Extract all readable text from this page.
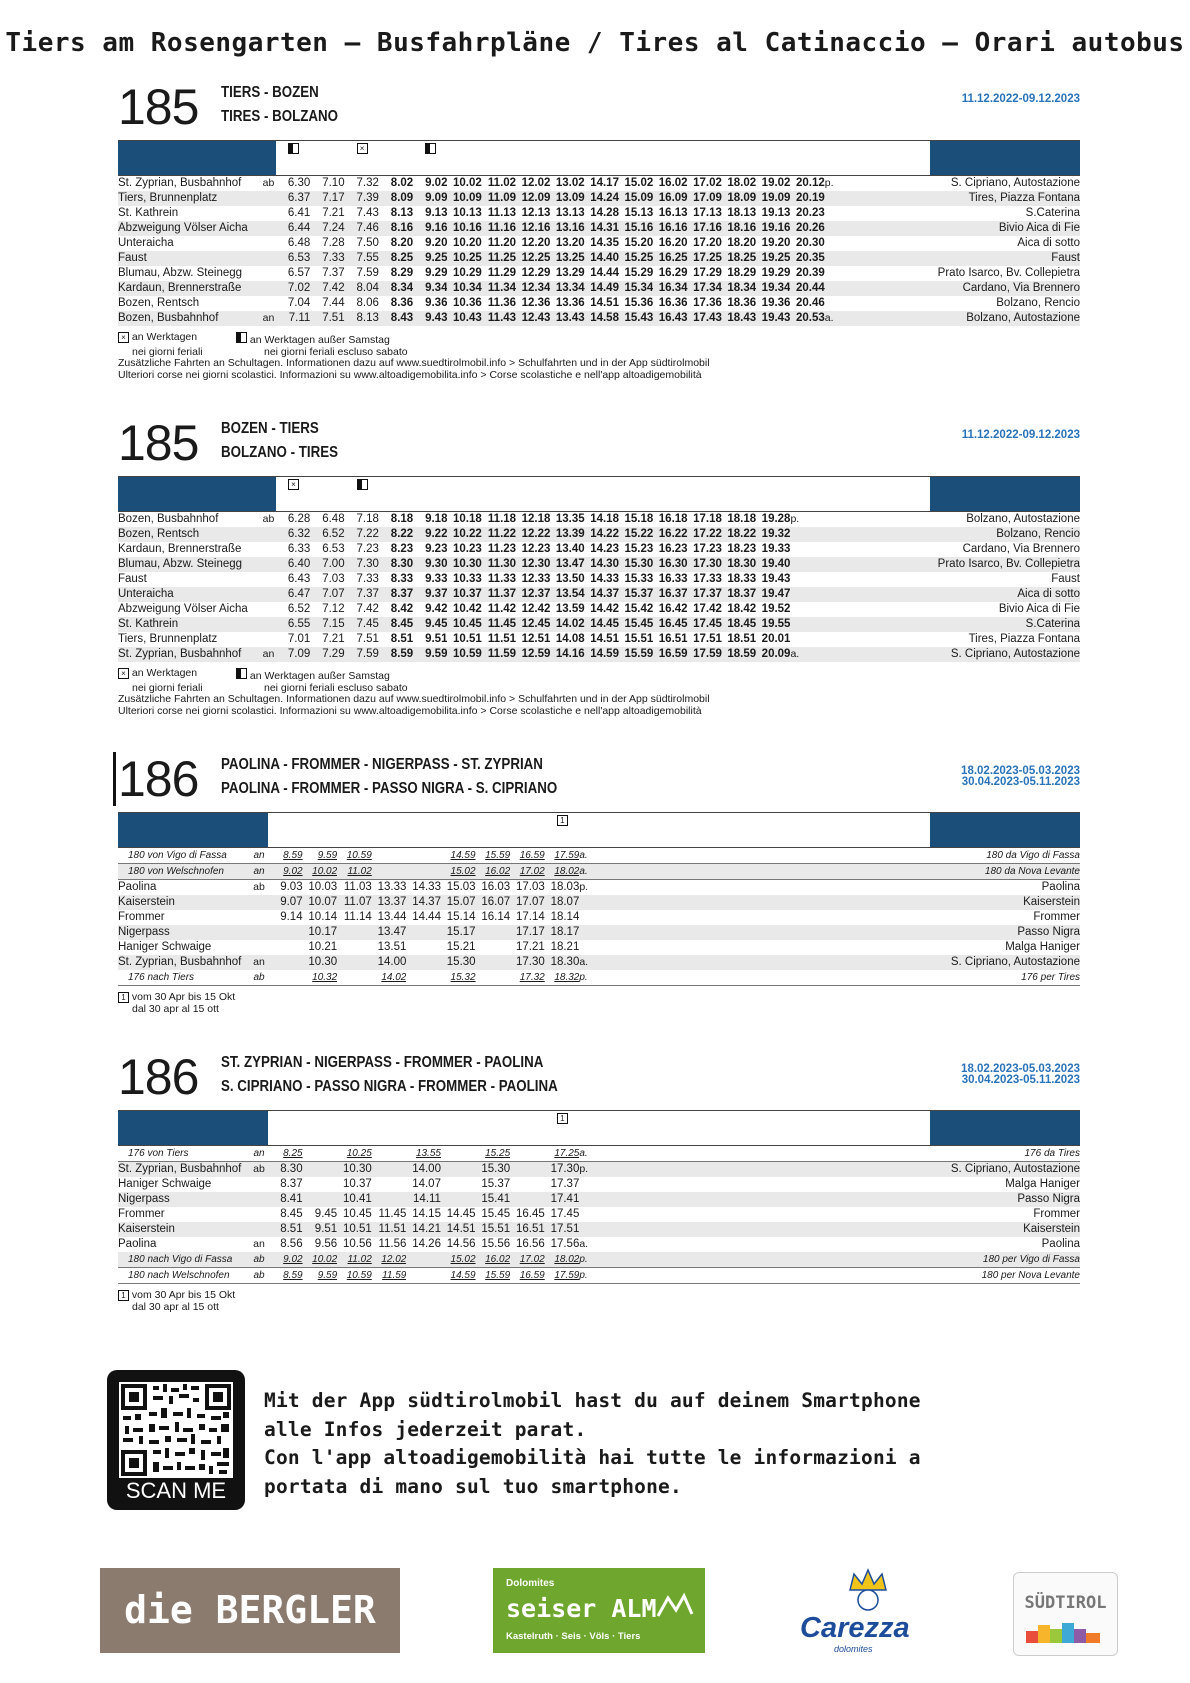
Tiers am Rosengarten – Busfahrpläne / Tires al Catinaccio – Orari autobus
185 TIERS - BOZEN
TIRES - BOLZANO
11.12.2022-09.12.2023
×
St. Zyprian, Busbahnhof	ab	6.30	7.10	7.32	8.02	9.02	10.02	11.02	12.02	13.02	14.17	15.02	16.02	17.02	18.02	19.02	20.12	p.	S. Cipriano, Autostazione
Tiers, Brunnenplatz		6.37	7.17	7.39	8.09	9.09	10.09	11.09	12.09	13.09	14.24	15.09	16.09	17.09	18.09	19.09	20.19		Tires, Piazza Fontana
St. Kathrein		6.41	7.21	7.43	8.13	9.13	10.13	11.13	12.13	13.13	14.28	15.13	16.13	17.13	18.13	19.13	20.23		S.Caterina
Abzweigung Völser Aicha		6.44	7.24	7.46	8.16	9.16	10.16	11.16	12.16	13.16	14.31	15.16	16.16	17.16	18.16	19.16	20.26		Bivio Aica di Fie
Unteraicha		6.48	7.28	7.50	8.20	9.20	10.20	11.20	12.20	13.20	14.35	15.20	16.20	17.20	18.20	19.20	20.30		Aica di sotto
Faust		6.53	7.33	7.55	8.25	9.25	10.25	11.25	12.25	13.25	14.40	15.25	16.25	17.25	18.25	19.25	20.35		Faust
Blumau, Abzw. Steinegg		6.57	7.37	7.59	8.29	9.29	10.29	11.29	12.29	13.29	14.44	15.29	16.29	17.29	18.29	19.29	20.39		Prato Isarco, Bv. Collepietra
Kardaun, Brennerstraße		7.02	7.42	8.04	8.34	9.34	10.34	11.34	12.34	13.34	14.49	15.34	16.34	17.34	18.34	19.34	20.44		Cardano, Via Brennero
Bozen, Rentsch		7.04	7.44	8.06	8.36	9.36	10.36	11.36	12.36	13.36	14.51	15.36	16.36	17.36	18.36	19.36	20.46		Bolzano, Rencio
Bozen, Busbahnhof	an	7.11	7.51	8.13	8.43	9.43	10.43	11.43	12.43	13.43	14.58	15.43	16.43	17.43	18.43	19.43	20.53	a.	Bolzano, Autostazione
× an Werktagen	an Werktagen außer Samstag
nei giorni feriali	nei giorni feriali escluso sabato
Zusätzliche Fahrten an Schultagen. Informationen dazu auf www.suedtirolmobil.info > Schulfahrten und in der App südtirolmobil
Ulteriori corse nei giorni scolastici. Informazioni su www.altoadigemobilita.info > Corse scolastiche e nell'app altoadigemobilità
185 BOZEN - TIERS
BOLZANO - TIRES
11.12.2022-09.12.2023
×
Bozen, Busbahnhof	ab	6.28	6.48	7.18	8.18	9.18	10.18	11.18	12.18	13.35	14.18	15.18	16.18	17.18	18.18	19.28	p.	Bolzano, Autostazione
Bozen, Rentsch		6.32	6.52	7.22	8.22	9.22	10.22	11.22	12.22	13.39	14.22	15.22	16.22	17.22	18.22	19.32		Bolzano, Rencio
Kardaun, Brennerstraße		6.33	6.53	7.23	8.23	9.23	10.23	11.23	12.23	13.40	14.23	15.23	16.23	17.23	18.23	19.33		Cardano, Via Brennero
Blumau, Abzw. Steinegg		6.40	7.00	7.30	8.30	9.30	10.30	11.30	12.30	13.47	14.30	15.30	16.30	17.30	18.30	19.40		Prato Isarco, Bv. Collepietra
Faust		6.43	7.03	7.33	8.33	9.33	10.33	11.33	12.33	13.50	14.33	15.33	16.33	17.33	18.33	19.43		Faust
Unteraicha		6.47	7.07	7.37	8.37	9.37	10.37	11.37	12.37	13.54	14.37	15.37	16.37	17.37	18.37	19.47		Aica di sotto
Abzweigung Völser Aicha		6.52	7.12	7.42	8.42	9.42	10.42	11.42	12.42	13.59	14.42	15.42	16.42	17.42	18.42	19.52		Bivio Aica di Fie
St. Kathrein		6.55	7.15	7.45	8.45	9.45	10.45	11.45	12.45	14.02	14.45	15.45	16.45	17.45	18.45	19.55		S.Caterina
Tiers, Brunnenplatz		7.01	7.21	7.51	8.51	9.51	10.51	11.51	12.51	14.08	14.51	15.51	16.51	17.51	18.51	20.01		Tires, Piazza Fontana
St. Zyprian, Busbahnhof	an	7.09	7.29	7.59	8.59	9.59	10.59	11.59	12.59	14.16	14.59	15.59	16.59	17.59	18.59	20.09	a.	S. Cipriano, Autostazione
× an Werktagen	an Werktagen außer Samstag
nei giorni feriali	nei giorni feriali escluso sabato
Zusätzliche Fahrten an Schultagen. Informationen dazu auf www.suedtirolmobil.info > Schulfahrten und in der App südtirolmobil
Ulteriori corse nei giorni scolastici. Informazioni su www.altoadigemobilita.info > Corse scolastiche e nell'app altoadigemobilità
186 PAOLINA - FROMMER - NIGERPASS - ST. ZYPRIAN
PAOLINA - FROMMER - PASSO NIGRA - S. CIPRIANO
18.02.2023-05.03.2023
30.04.2023-05.11.2023
1
180 von Vigo di Fassa	an	8.59	9.59	10.59			14.59	15.59	16.59	17.59	a.	180 da Vigo di Fassa
180 von Welschnofen	an	9.02	10.02	11.02			15.02	16.02	17.02	18.02	a.	180 da Nova Levante
Paolina	ab	9.03	10.03	11.03	13.33	14.33	15.03	16.03	17.03	18.03	p.	Paolina
Kaiserstein		9.07	10.07	11.07	13.37	14.37	15.07	16.07	17.07	18.07		Kaiserstein
Frommer		9.14	10.14	11.14	13.44	14.44	15.14	16.14	17.14	18.14		Frommer
Nigerpass			10.17		13.47		15.17		17.17	18.17		Passo Nigra
Haniger Schwaige			10.21		13.51		15.21		17.21	18.21		Malga Haniger
St. Zyprian, Busbahnhof	an		10.30		14.00		15.30		17.30	18.30	a.	S. Cipriano, Autostazione
176 nach Tiers	ab		10.32		14.02		15.32		17.32	18.32	p.	176 per Tires
1 vom 30 Apr bis 15 Okt
dal 30 apr al 15 ott
186 ST. ZYPRIAN - NIGERPASS - FROMMER - PAOLINA
S. CIPRIANO - PASSO NIGRA - FROMMER - PAOLINA
18.02.2023-05.03.2023
30.04.2023-05.11.2023
1
176 von Tiers	an	8.25		10.25		13.55		15.25		17.25	a.	176 da Tires
St. Zyprian, Busbahnhof	ab	8.30		10.30		14.00		15.30		17.30	p.	S. Cipriano, Autostazione
Haniger Schwaige		8.37		10.37		14.07		15.37		17.37		Malga Haniger
Nigerpass		8.41		10.41		14.11		15.41		17.41		Passo Nigra
Frommer		8.45	9.45	10.45	11.45	14.15	14.45	15.45	16.45	17.45		Frommer
Kaiserstein		8.51	9.51	10.51	11.51	14.21	14.51	15.51	16.51	17.51		Kaiserstein
Paolina	an	8.56	9.56	10.56	11.56	14.26	14.56	15.56	16.56	17.56	a.	Paolina
180 nach Vigo di Fassa	ab	9.02	10.02	11.02	12.02		15.02	16.02	17.02	18.02	p.	180 per Vigo di Fassa
180 nach Welschnofen	ab	8.59	9.59	10.59	11.59		14.59	15.59	16.59	17.59	p.	180 per Nova Levante
1 vom 30 Apr bis 15 Okt
dal 30 apr al 15 ott
SCAN ME
Mit der App südtirolmobil hast du auf deinem Smartphone
alle Infos jederzeit parat.
Con l'app altoadigemobilità hai tutte le informazioni a
portata di mano sul tuo smartphone.
die BERGLER
Dolomites
seiser ALM
Kastelruth · Seis · Völs · Tiers	Carezza
dolomites
SÜDTIROL
